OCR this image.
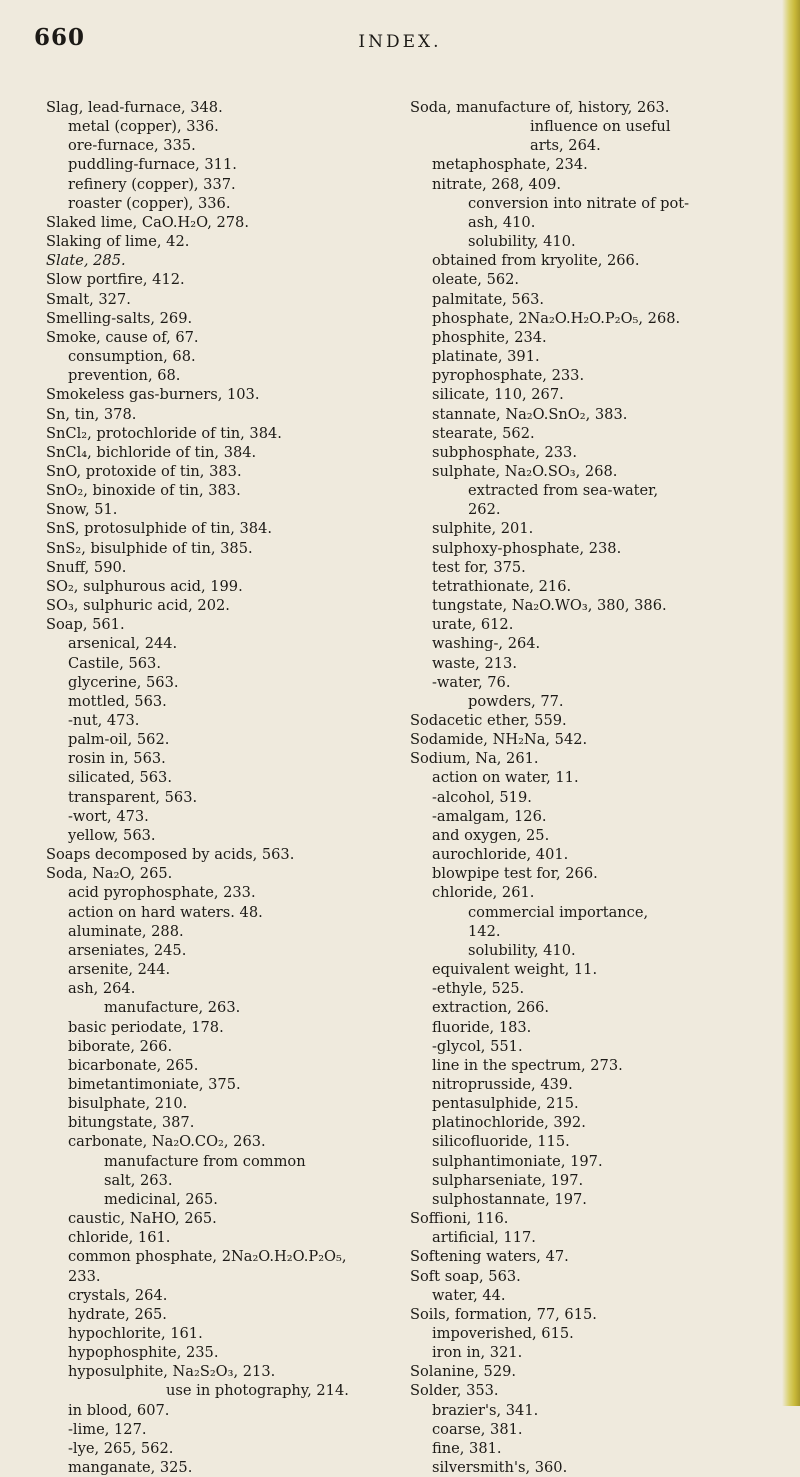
660	INDEX.
Slag, lead-furnace, 348.
metal (copper), 336.
ore-furnace, 335.
puddling-furnace, 311.
refinery (copper), 337.
roaster (copper), 336.
Slaked lime, CaO.H₂O, 278.
Slaking of lime, 42.
Slate, 285.
Slow portfire, 412.
Smalt, 327.
Smelling-salts, 269.
Smoke, cause of, 67.
consumption, 68.
prevention, 68.
Smokeless gas-burners, 103.
Sn, tin, 378.
SnCl₂, protochloride of tin, 384.
SnCl₄, bichloride of tin, 384.
SnO, protoxide of tin, 383.
SnO₂, binoxide of tin, 383.
Snow, 51.
SnS, protosulphide of tin, 384.
SnS₂, bisulphide of tin, 385.
Snuff, 590.
SO₂, sulphurous acid, 199.
SO₃, sulphuric acid, 202.
Soap, 561.
arsenical, 244.
Castile, 563.
glycerine, 563.
mottled, 563.
-nut, 473.
palm-oil, 562.
rosin in, 563.
silicated, 563.
transparent, 563.
-wort, 473.
yellow, 563.
Soaps decomposed by acids, 563.
Soda, Na₂O, 265.
acid pyrophosphate, 233.
action on hard waters. 48.
aluminate, 288.
arseniates, 245.
arsenite, 244.
ash, 264.
manufacture, 263.
basic periodate, 178.
biborate, 266.
bicarbonate, 265.
bimetantimoniate, 375.
bisulphate, 210.
bitungstate, 387.
carbonate, Na₂O.CO₂, 263.
manufacture from common
salt, 263.
medicinal, 265.
caustic, NaHO, 265.
chloride, 161.
common phosphate, 2Na₂O.H₂O.P₂O₅,
233.
crystals, 264.
hydrate, 265.
hypochlorite, 161.
hypophosphite, 235.
hyposulphite, Na₂S₂O₃, 213.
use in photography, 214.
in blood, 607.
-lime, 127.
-lye, 265, 562.
manganate, 325.
Soda, manufacture of, history, 263.
influence on useful
arts, 264.
metaphosphate, 234.
nitrate, 268, 409.
conversion into nitrate of pot-
ash, 410.
solubility, 410.
obtained from kryolite, 266.
oleate, 562.
palmitate, 563.
phosphate, 2Na₂O.H₂O.P₂O₅, 268.
phosphite, 234.
platinate, 391.
pyrophosphate, 233.
silicate, 110, 267.
stannate, Na₂O.SnO₂, 383.
stearate, 562.
subphosphate, 233.
sulphate, Na₂O.SO₃, 268.
extracted from sea-water,
262.
sulphite, 201.
sulphoxy-phosphate, 238.
test for, 375.
tetrathionate, 216.
tungstate, Na₂O.WO₃, 380, 386.
urate, 612.
washing-, 264.
waste, 213.
-water, 76.
powders, 77.
Sodacetic ether, 559.
Sodamide, NH₂Na, 542.
Sodium, Na, 261.
action on water, 11.
-alcohol, 519.
-amalgam, 126.
and oxygen, 25.
aurochloride, 401.
blowpipe test for, 266.
chloride, 261.
commercial importance,
142.
solubility, 410.
equivalent weight, 11.
-ethyle, 525.
extraction, 266.
fluoride, 183.
-glycol, 551.
line in the spectrum, 273.
nitroprusside, 439.
pentasulphide, 215.
platinochloride, 392.
silicofluoride, 115.
sulphantimoniate, 197.
sulpharseniate, 197.
sulphostannate, 197.
Soffioni, 116.
artificial, 117.
Softening waters, 47.
Soft soap, 563.
water, 44.
Soils, formation, 77, 615.
impoverished, 615.
iron in, 321.
Solanine, 529.
Solder, 353.
brazier's, 341.
coarse, 381.
fine, 381.
silversmith's, 360.
